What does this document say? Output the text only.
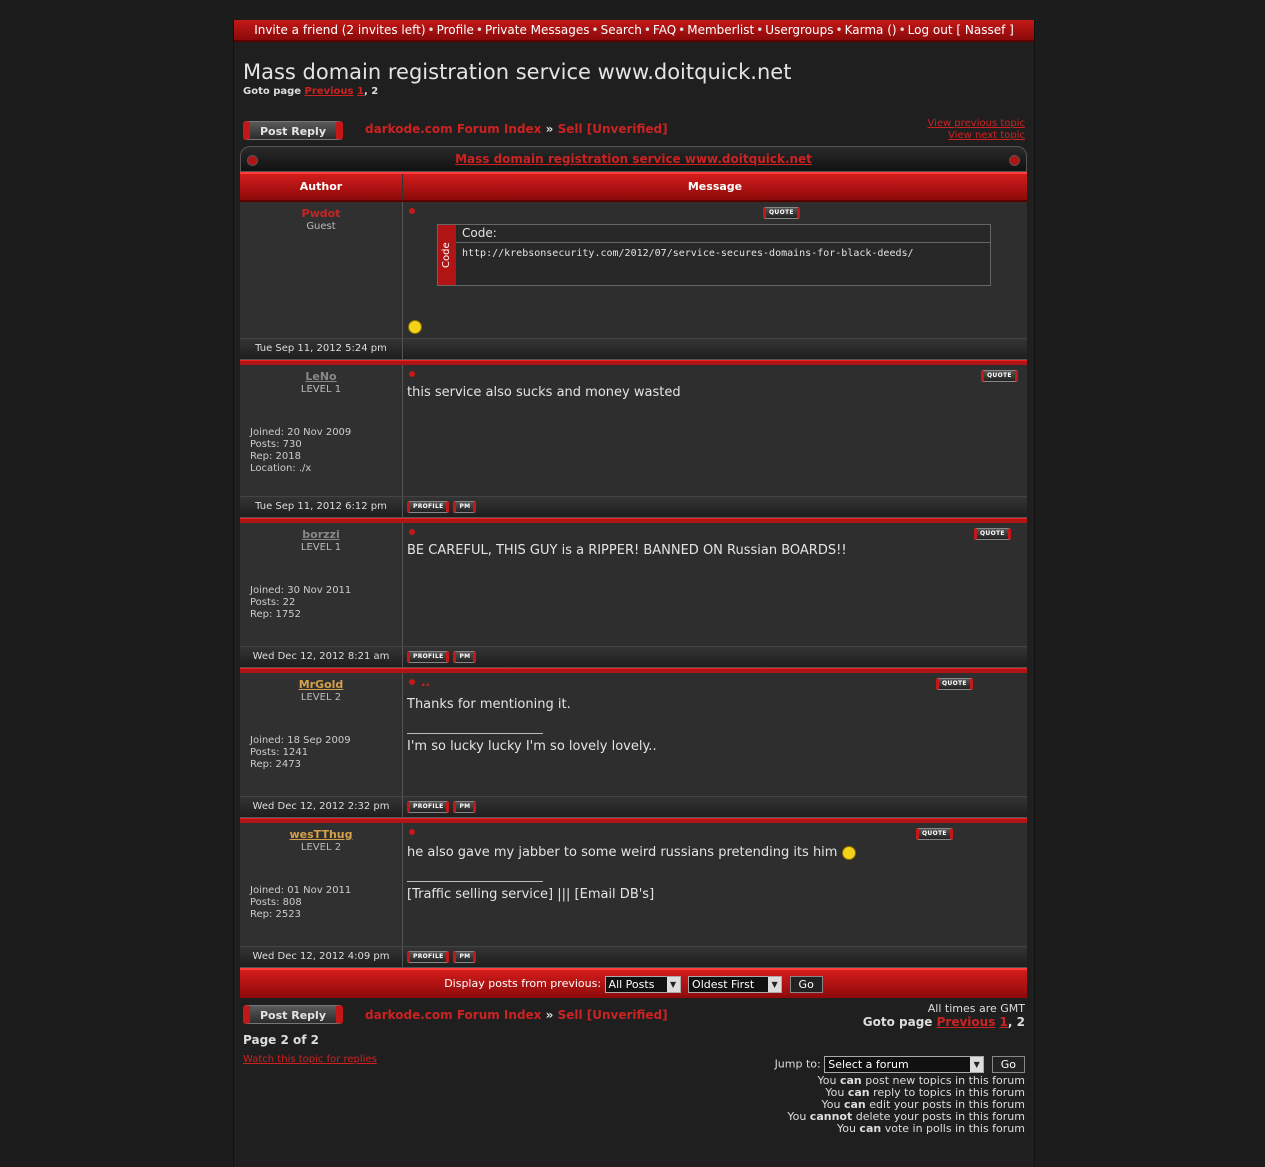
Invite a friend (2 invites left) • Profile • Private Messages • Search • FAQ • Memberlist • Usergroups • Karma () • Log out [ Nassef ]
Mass domain registration service www.doitquick.net
Goto page Previous 1, 2
Post Reply	darkode.com Forum Index » Sell [Unverified]	View previous topic
View next topic
Mass domain registration service www.doitquick.net
Author	Message
Pwdot
Guest
QUOTE
Code
Code:
http://krebsonsecurity.com/2012/07/service-secures-domains-for-black-deeds/
Tue Sep 11, 2012 5:24 pm
LeNo
LEVEL 1
Joined: 20 Nov 2009
Posts: 730
Rep: 2018
Location: ./x
QUOTE
this service also sucks and money wasted
Tue Sep 11, 2012 6:12 pm	PROFILE	PM
borzzi
LEVEL 1
Joined: 30 Nov 2011
Posts: 22
Rep: 1752
QUOTE
BE CAREFUL, THIS GUY is a RIPPER! BANNED ON Russian BOARDS!!
Wed Dec 12, 2012 8:21 am	PROFILE	PM
MrGold
LEVEL 2
Joined: 18 Sep 2009
Posts: 1241
Rep: 2473
..	QUOTE
Thanks for mentioning it.
I'm so lucky lucky I'm so lovely lovely..
Wed Dec 12, 2012 2:32 pm	PROFILE	PM
wesTThug
LEVEL 2
Joined: 01 Nov 2011
Posts: 808
Rep: 2523
QUOTE
he also gave my jabber to some weird russians pretending its him
[Traffic selling service] ||| [Email DB's]
Wed Dec 12, 2012 4:09 pm	PROFILE	PM
Display posts from previous: All Posts	▼	Oldest First	▼	Go
Post Reply	darkode.com Forum Index » Sell [Unverified]	All times are GMT
Goto page Previous 1, 2
Page 2 of 2
Watch this topic for replies	Jump to: Select a forum	▼	Go
You can post new topics in this forum
You can reply to topics in this forum
You can edit your posts in this forum
You cannot delete your posts in this forum
You can vote in polls in this forum
